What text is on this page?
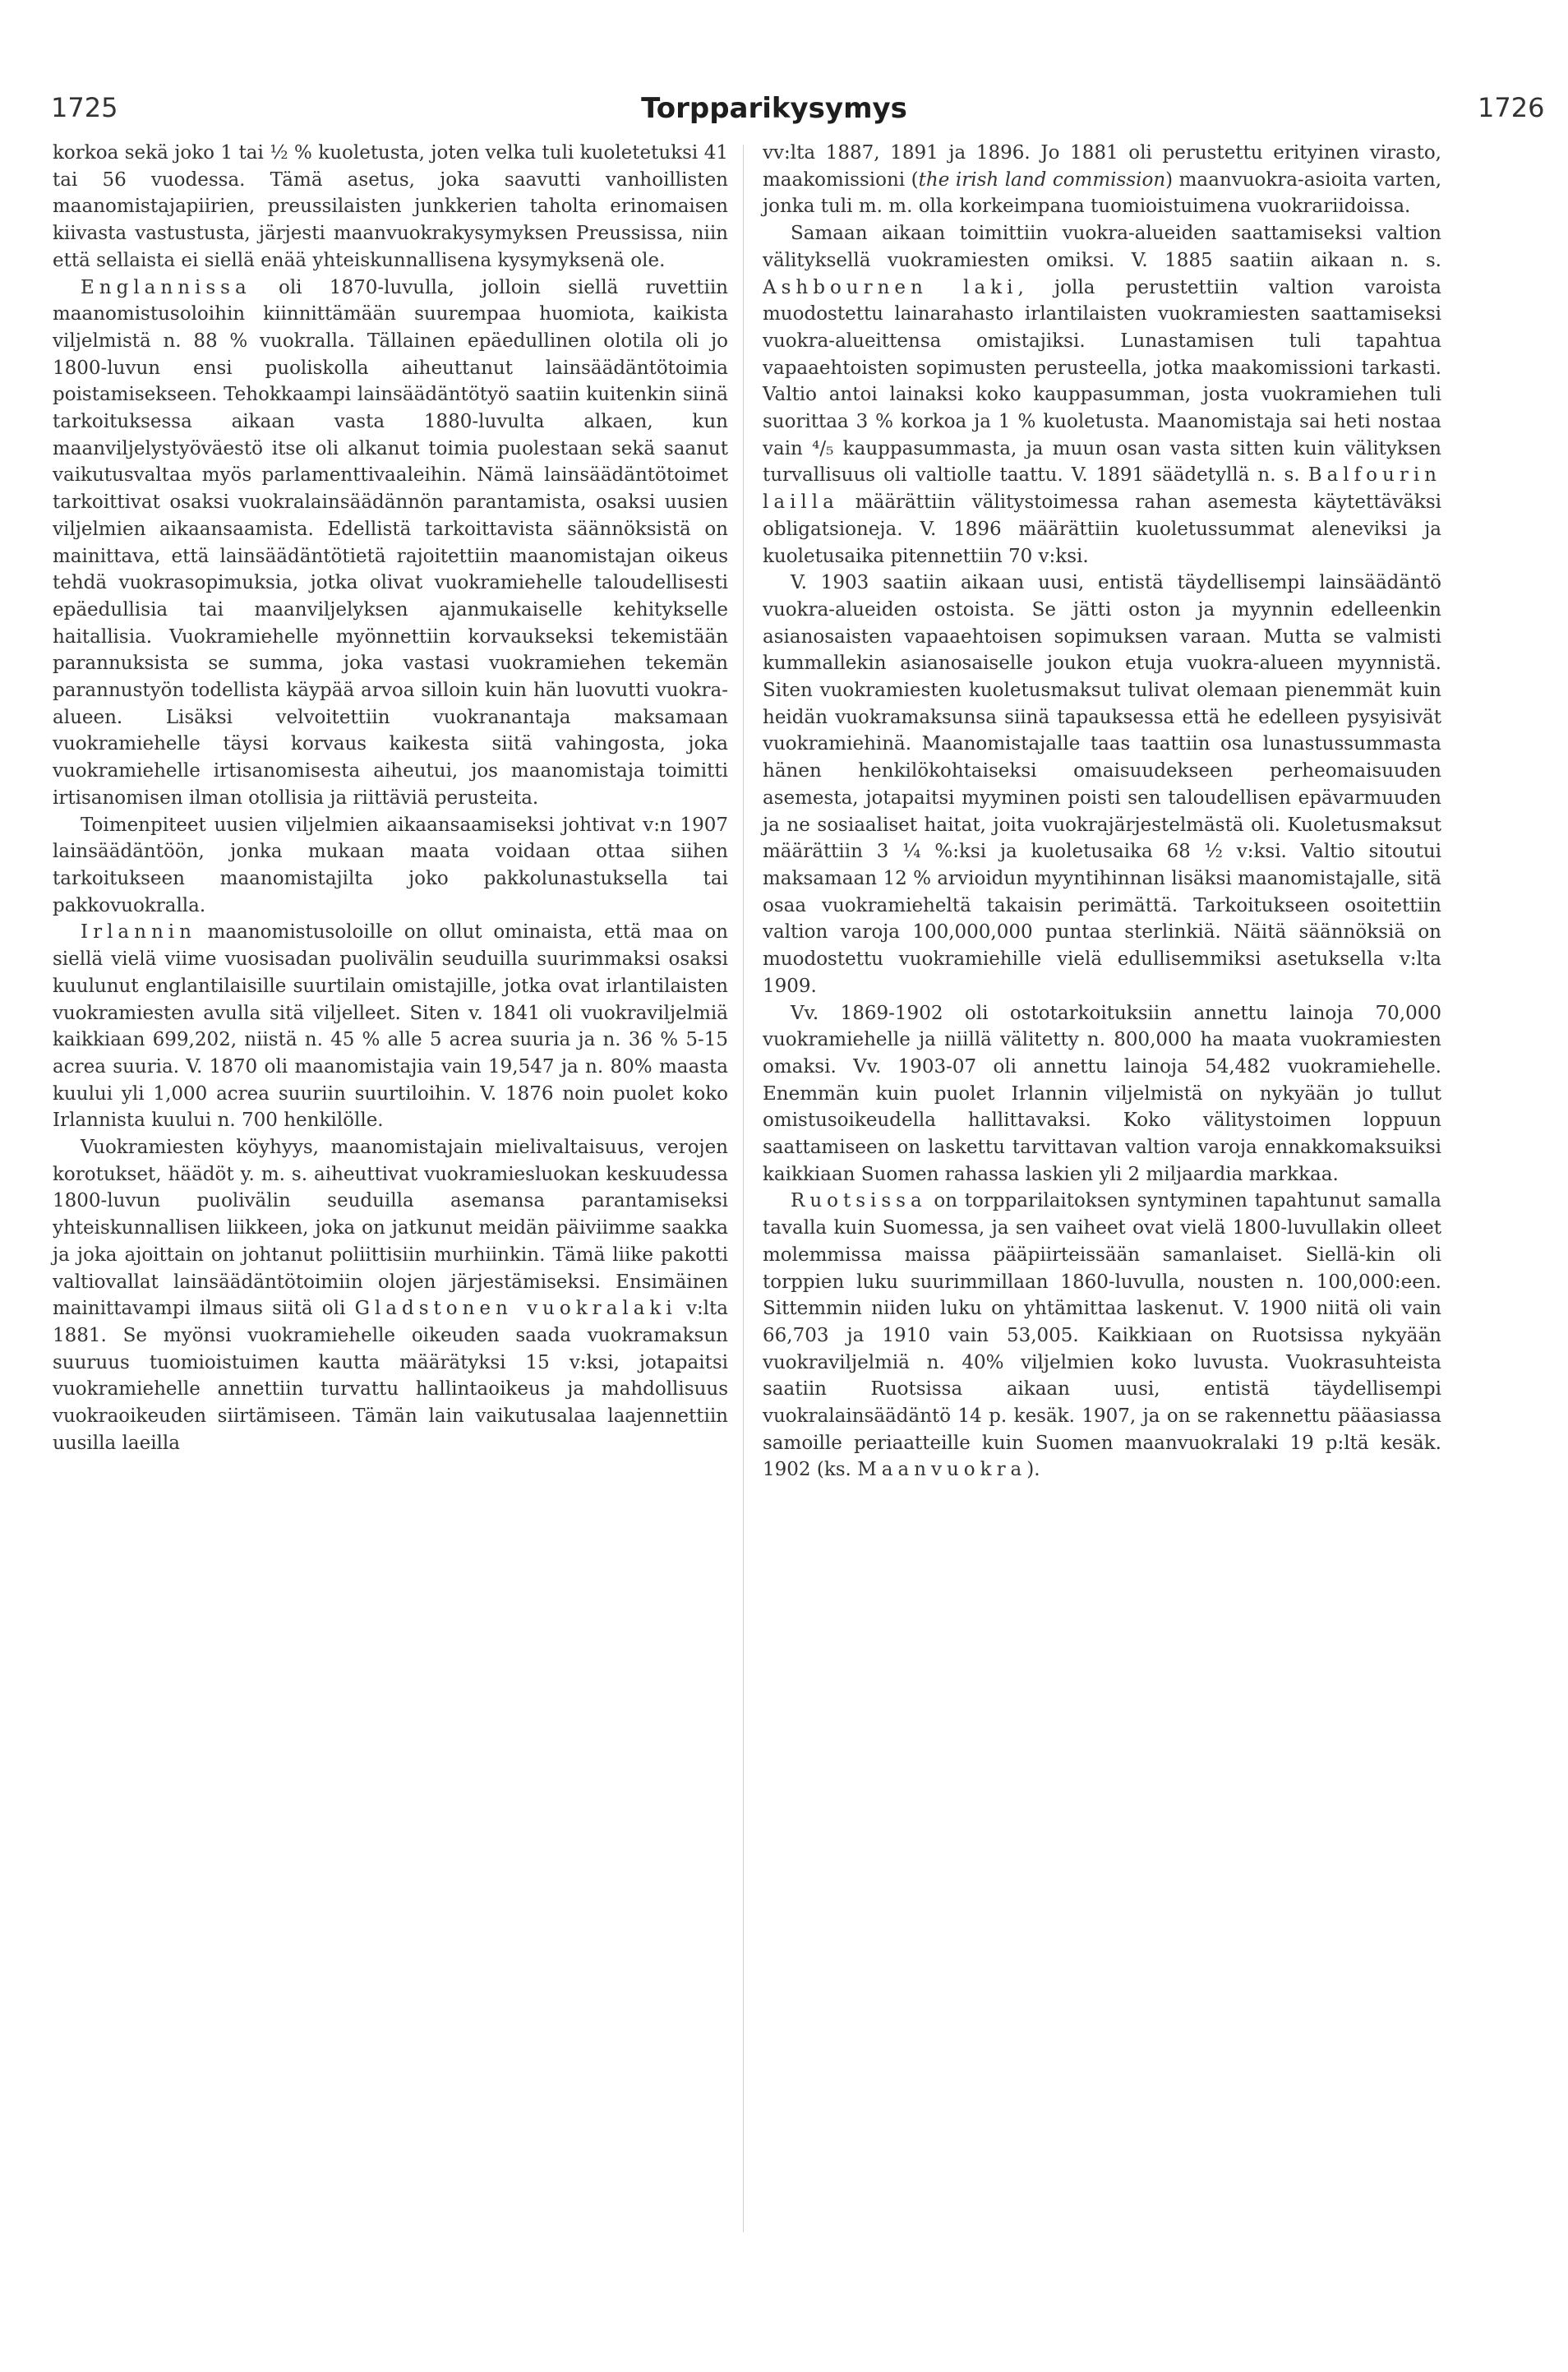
1725	Torpparikysymys	1726

korkoa sekä joko 1 tai ½ % kuoletusta, joten velka tuli kuoletetuksi 41 tai 56 vuodessa. Tämä asetus, joka saavutti vanhoillisten maanomistajapiirien, preussilaisten junkkerien taholta erinomaisen kiivasta vastustusta, järjesti maanvuokrakysymyksen Preussissa, niin että sellaista ei siellä enää yhteiskunnallisena kysymyksenä ole.

Englannissa oli 1870-luvulla, jolloin siellä ruvettiin maanomistusoloihin kiinnittämään suurempaa huomiota, kaikista viljelmistä n. 88 % vuokralla. Tällainen epäedullinen olotila oli jo 1800-luvun ensi puoliskolla aiheuttanut lainsäädäntötoimia poistamisekseen. Tehokkaampi lainsäädäntötyö saatiin kuitenkin siinä tarkoituksessa aikaan vasta 1880-luvulta alkaen, kun maanviljelystyöväestö itse oli alkanut toimia puolestaan sekä saanut vaikutusvaltaa myös parlamenttivaaleihin. Nämä lainsäädäntötoimet tarkoittivat osaksi vuokralainsäädännön parantamista, osaksi uusien viljelmien aikaansaamista. Edellistä tarkoittavista säännöksistä on mainittava, että lainsäädäntötietä rajoitettiin maanomistajan oikeus tehdä vuokrasopimuksia, jotka olivat vuokramiehelle taloudellisesti epäedullisia tai maanviljelyksen ajanmukaiselle kehitykselle haitallisia. Vuokramiehelle myönnettiin korvaukseksi tekemistään parannuksista se summa, joka vastasi vuokramiehen tekemän parannustyön todellista käypää arvoa silloin kuin hän luovutti vuokra-alueen. Lisäksi velvoitettiin vuokranantaja maksamaan vuokramiehelle täysi korvaus kaikesta siitä vahingosta, joka vuokramiehelle irtisanomisesta aiheutui, jos maanomistaja toimitti irtisanomisen ilman otollisia ja riittäviä perusteita.

Toimenpiteet uusien viljelmien aikaansaamiseksi johtivat v:n 1907 lainsäädäntöön, jonka mukaan maata voidaan ottaa siihen tarkoitukseen maanomistajilta joko pakkolunastuksella tai pakkovuokralla.

Irlannin maanomistusoloille on ollut ominaista, että maa on siellä vielä viime vuosisadan puolivälin seuduilla suurimmaksi osaksi kuulunut englantilaisille suurtilain omistajille, jotka ovat irlantilaisten vuokramiesten avulla sitä viljelleet. Siten v. 1841 oli vuokraviljelmiä kaikkiaan 699,202, niistä n. 45 % alle 5 acrea suuria ja n. 36 % 5-15 acrea suuria. V. 1870 oli maanomistajia vain 19,547 ja n. 80% maasta kuului yli 1,000 acrea suuriin suurtiloihin. V. 1876 noin puolet koko Irlannista kuului n. 700 henkilölle.

Vuokramiesten köyhyys, maanomistajain mielivaltaisuus, verojen korotukset, häädöt y. m. s. aiheuttivat vuokramiesluokan keskuudessa 1800-luvun puolivälin seuduilla asemansa parantamiseksi yhteiskunnallisen liikkeen, joka on jatkunut meidän päiviimme saakka ja joka ajoittain on johtanut poliittisiin murhiinkin. Tämä liike pakotti valtiovallat lainsäädäntötoimiin olojen järjestämiseksi. Ensimäinen mainittavampi ilmaus siitä oli Gladstonen vuokralaki v:lta 1881. Se myönsi vuokramiehelle oikeuden saada vuokramaksun suuruus tuomioistuimen kautta määrätyksi 15 v:ksi, jotapaitsi vuokramiehelle annettiin turvattu hallintaoikeus ja mahdollisuus vuokraoikeuden siirtämiseen. Tämän lain vaikutusalaa laajennettiin uusilla laeilla

vv:lta 1887, 1891 ja 1896. Jo 1881 oli perustettu erityinen virasto, maakomissioni (the irish land commission) maanvuokra-asioita varten, jonka tuli m. m. olla korkeimpana tuomioistuimena vuokrariidoissa.

Samaan aikaan toimittiin vuokra-alueiden saattamiseksi valtion välityksellä vuokramiesten omiksi. V. 1885 saatiin aikaan n. s. Ashbournen laki, jolla perustettiin valtion varoista muodostettu lainarahasto irlantilaisten vuokramiesten saattamiseksi vuokra-alueittensa omistajiksi. Lunastamisen tuli tapahtua vapaaehtoisten sopimusten perusteella, jotka maakomissioni tarkasti. Valtio antoi lainaksi koko kauppasumman, josta vuokramiehen tuli suorittaa 3 % korkoa ja 1 % kuoletusta. Maanomistaja sai heti nostaa vain ⁴/₅ kauppasummasta, ja muun osan vasta sitten kuin välityksen turvallisuus oli valtiolle taattu. V. 1891 säädetyllä n. s. Balfourin lailla määrättiin välitystoimessa rahan asemesta käytettäväksi obligatsioneja. V. 1896 määrättiin kuoletussummat aleneviksi ja kuoletusaika pitennettiin 70 v:ksi.

V. 1903 saatiin aikaan uusi, entistä täydellisempi lainsäädäntö vuokra-alueiden ostoista. Se jätti oston ja myynnin edelleenkin asianosaisten vapaaehtoisen sopimuksen varaan. Mutta se valmisti kummallekin asianosaiselle joukon etuja vuokra-alueen myynnistä. Siten vuokramiesten kuoletusmaksut tulivat olemaan pienemmät kuin heidän vuokramaksunsa siinä tapauksessa että he edelleen pysyisivät vuokramiehinä. Maanomistajalle taas taattiin osa lunastussummasta hänen henkilökohtaiseksi omaisuudekseen perheomaisuuden asemesta, jotapaitsi myyminen poisti sen taloudellisen epävarmuuden ja ne sosiaaliset haitat, joita vuokrajärjestelmästä oli. Kuoletusmaksut määrättiin 3 ¼ %:ksi ja kuoletusaika 68 ½ v:ksi. Valtio sitoutui maksamaan 12 % arvioidun myyntihinnan lisäksi maanomistajalle, sitä osaa vuokramieheltä takaisin perimättä. Tarkoitukseen osoitettiin valtion varoja 100,000,000 puntaa sterlinkiä. Näitä säännöksiä on muodostettu vuokramiehille vielä edullisemmiksi asetuksella v:lta 1909.

Vv. 1869-1902 oli ostotarkoituksiin annettu lainoja 70,000 vuokramiehelle ja niillä välitetty n. 800,000 ha maata vuokramiesten omaksi. Vv. 1903-07 oli annettu lainoja 54,482 vuokramiehelle. Enemmän kuin puolet Irlannin viljelmistä on nykyään jo tullut omistusoikeudella hallittavaksi. Koko välitystoimen loppuun saattamiseen on laskettu tarvittavan valtion varoja ennakkomaksuiksi kaikkiaan Suomen rahassa laskien yli 2 miljaardia markkaa.

Ruotsissa on torpparilaitoksen syntyminen tapahtunut samalla tavalla kuin Suomessa, ja sen vaiheet ovat vielä 1800-luvullakin olleet molemmissa maissa pääpiirteissään samanlaiset. Siellä-kin oli torppien luku suurimmillaan 1860-luvulla, nousten n. 100,000:een. Sittemmin niiden luku on yhtämittaa laskenut. V. 1900 niitä oli vain 66,703 ja 1910 vain 53,005. Kaikkiaan on Ruotsissa nykyään vuokraviljelmiä n. 40% viljelmien koko luvusta. Vuokrasuhteista saatiin Ruotsissa aikaan uusi, entistä täydellisempi vuokralainsäädäntö 14 p. kesäk. 1907, ja on se rakennettu pääasiassa samoille periaatteille kuin Suomen maanvuokralaki 19 p:ltä kesäk. 1902 (ks. Maanvuokra).
